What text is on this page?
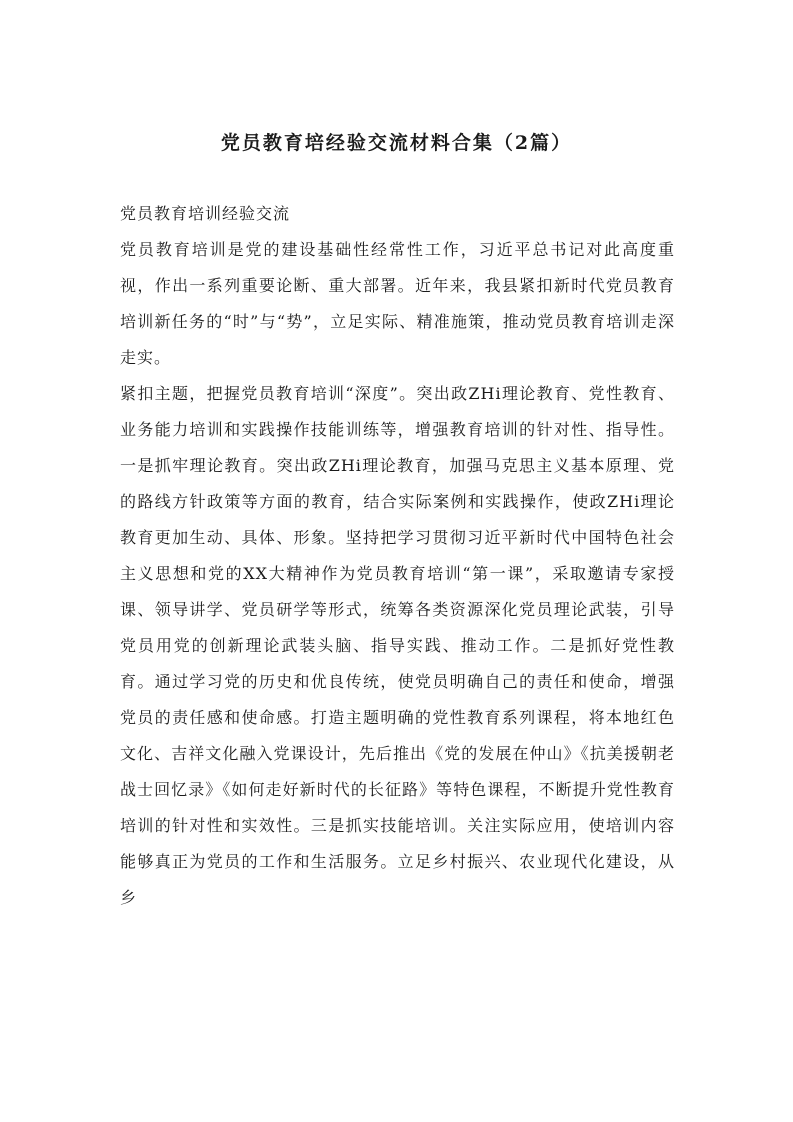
党员教育培经验交流材料合集（2篇）

党员教育培训经验交流

党员教育培训是党的建设基础性经常性工作，习近平总书记对此高度重视，作出一系列重要论断、重大部署。近年来，我县紧扣新时代党员教育培训新任务的“时”与“势”，立足实际、精准施策，推动党员教育培训走深走实。

紧扣主题，把握党员教育培训“深度”。突出政ZHi理论教育、党性教育、业务能力培训和实践操作技能训练等，增强教育培训的针对性、指导性。一是抓牢理论教育。突出政ZHi理论教育，加强马克思主义基本原理、党的路线方针政策等方面的教育，结合实际案例和实践操作，使政ZHi理论教育更加生动、具体、形象。坚持把学习贯彻习近平新时代中国特色社会主义思想和党的XX大精神作为党员教育培训“第一课”，采取邀请专家授课、领导讲学、党员研学等形式，统筹各类资源深化党员理论武装，引导党员用党的创新理论武装头脑、指导实践、推动工作。二是抓好党性教育。通过学习党的历史和优良传统，使党员明确自己的责任和使命，增强党员的责任感和使命感。打造主题明确的党性教育系列课程，将本地红色文化、吉祥文化融入党课设计，先后推出《党的发展在仲山》《抗美援朝老战士回忆录》《如何走好新时代的长征路》等特色课程，不断提升党性教育培训的针对性和实效性。三是抓实技能培训。关注实际应用，使培训内容能够真正为党员的工作和生活服务。立足乡村振兴、农业现代化建设，从乡
